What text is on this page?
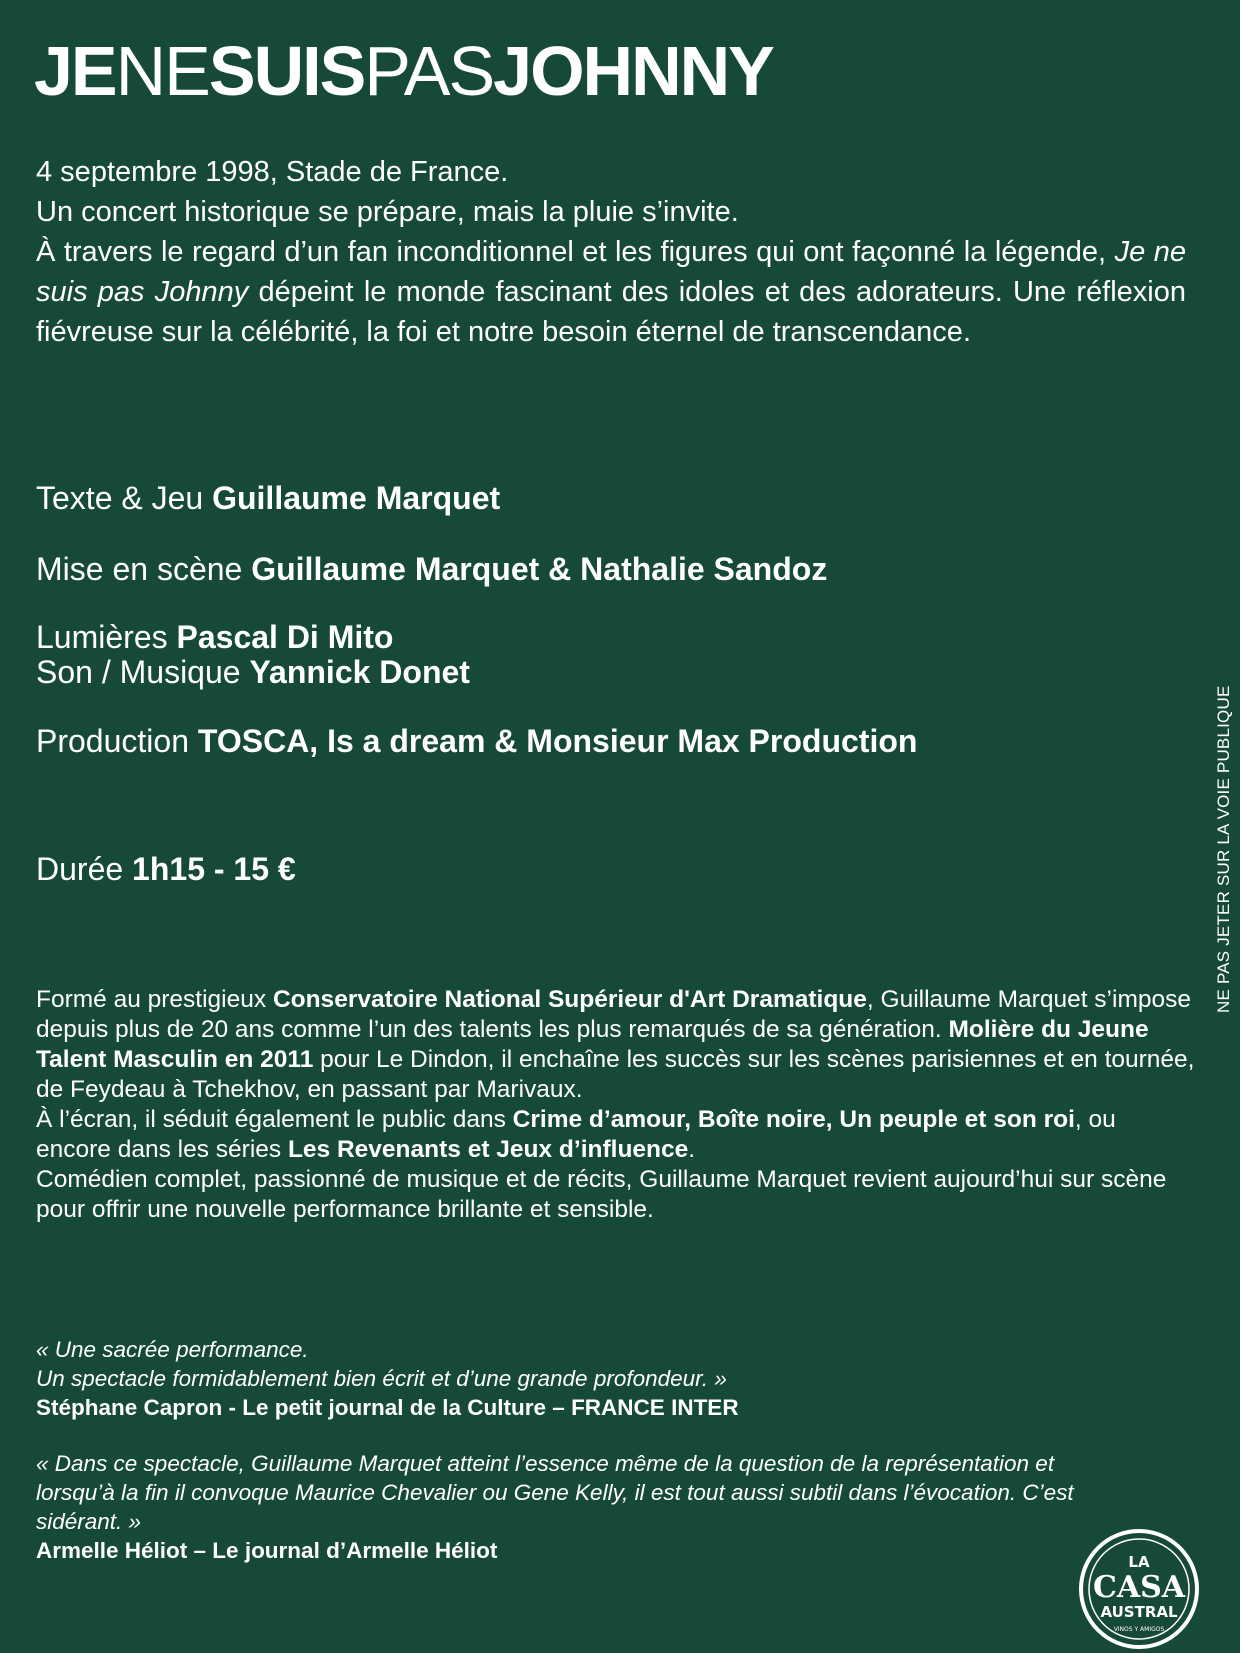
JENESUISPASJOHNNY
4 septembre 1998, Stade de France.
Un concert historique se prépare, mais la pluie s’invite.
À travers le regard d’un fan inconditionnel et les figures qui ont façonné la légende, Je ne suis pas Johnny dépeint le monde fascinant des idoles et des adorateurs. Une réflexion fiévreuse sur la célébrité, la foi et notre besoin éternel de transcendance.

Texte & Jeu Guillaume Marquet

Mise en scène Guillaume Marquet & Nathalie Sandoz

Lumières Pascal Di Mito

Son / Musique Yannick Donet

Production TOSCA, Is a dream & Monsieur Max Production

Durée 1h15 - 15 €

Formé au prestigieux Conservatoire National Supérieur d'Art Dramatique, Guillaume Marquet s’impose depuis plus de 20 ans comme l’un des talents les plus remarqués de sa génération. Molière du Jeune Talent Masculin en 2011 pour Le Dindon, il enchaîne les succès sur les scènes parisiennes et en tournée, de Feydeau à Tchekhov, en passant par Marivaux.
À l’écran, il séduit également le public dans Crime d’amour, Boîte noire, Un peuple et son roi, ou encore dans les séries Les Revenants et Jeux d’influence.
Comédien complet, passionné de musique et de récits, Guillaume Marquet revient aujourd’hui sur scène pour offrir une nouvelle performance brillante et sensible.

« Une sacrée performance.
Un spectacle formidablement bien écrit et d’une grande profondeur. »
Stéphane Capron - Le petit journal de la Culture – FRANCE INTER
« Dans ce spectacle, Guillaume Marquet atteint l’essence même de la question de la représentation et lorsqu’à la fin il convoque Maurice Chevalier ou Gene Kelly, il est tout aussi subtil dans l’évocation. C’est sidérant. »
Armelle Héliot – Le journal d’Armelle Héliot
NE PAS JETER SUR LA VOIE PUBLIQUE
LA
CASA
AUSTRAL
VINOS Y AMIGOS
